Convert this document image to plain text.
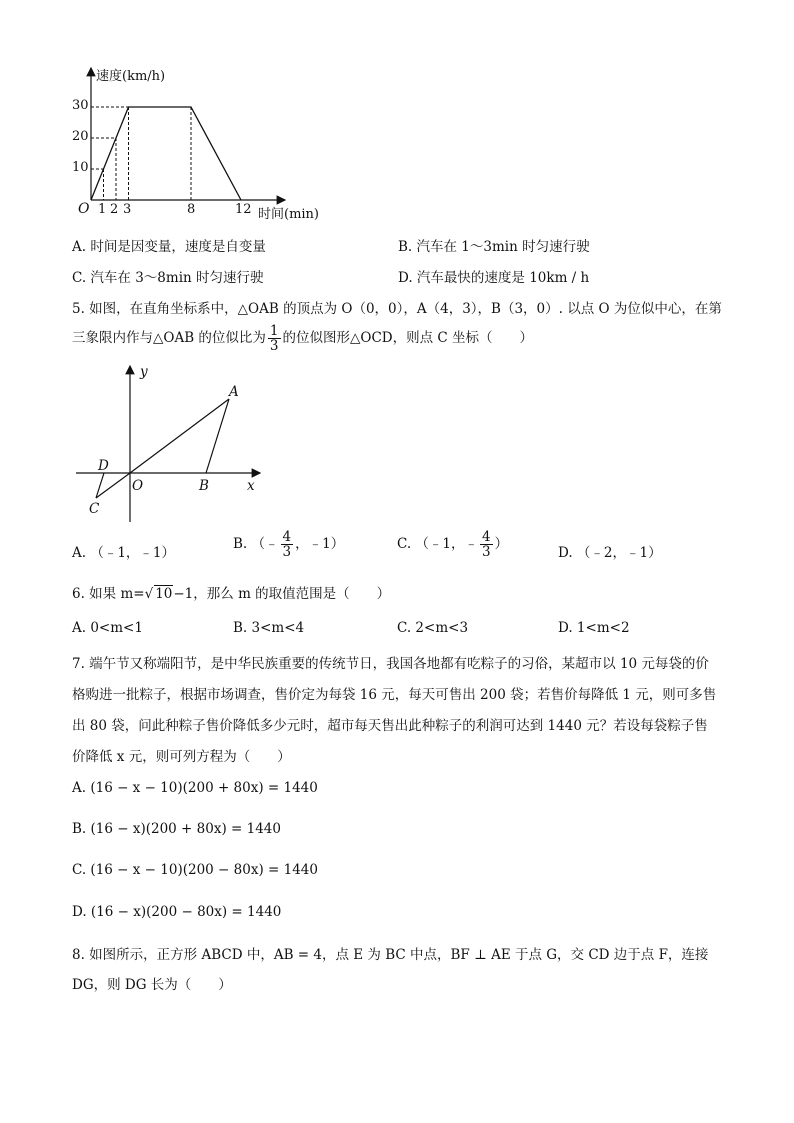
速度(km/h)
O
30
20
10
1 2 3	8	12 时间(min)
A. 时间是因变量，速度是自变量	B. 汽车在 1～3min 时匀速行驶
C. 汽车在 3～8min 时匀速行驶	D. 汽车最快的速度是 10km / h
5. 如图，在直角坐标系中，△OAB 的顶点为 O（0，0），A（4，3），B（3，0）. 以点 O 为位似中心，在第
三象限内作与△OAB 的位似比为 $\frac{1}{3}$ 的位似图形△OCD，则点 C 坐标（　　）
y
A
D
O	B	x
C
A. （﹣1，﹣1）
B. （﹣ $\frac{4}{3}$ ，﹣1）	C. （﹣1，﹣ $\frac{4}{3}$ ）
D. （﹣2，﹣1）
6. 如果 m=√ 10−1，那么 m 的取值范围是（　　）
A. 0<m<1	B. 3<m<4	C. 2<m<3	D. 1<m<2
7. 端午节又称端阳节，是中华民族重要的传统节日，我国各地都有吃粽子的习俗，某超市以 10 元每袋的价
格购进一批粽子，根据市场调查，售价定为每袋 16 元，每天可售出 200 袋；若售价每降低 1 元，则可多售
出 80 袋，问此种粽子售价降低多少元时，超市每天售出此种粽子的利润可达到 1440 元？若设每袋粽子售
价降低 x 元，则可列方程为（　　）
A. (16 − x − 10)(200 + 80x) = 1440
B. (16 − x)(200 + 80x) = 1440
C. (16 − x − 10)(200 − 80x) = 1440
D. (16 − x)(200 − 80x) = 1440
8. 如图所示，正方形 ABCD 中，AB = 4，点 E 为 BC 中点，BF ⊥ AE 于点 G，交 CD 边于点 F，连接
DG，则 DG 长为（　　）
